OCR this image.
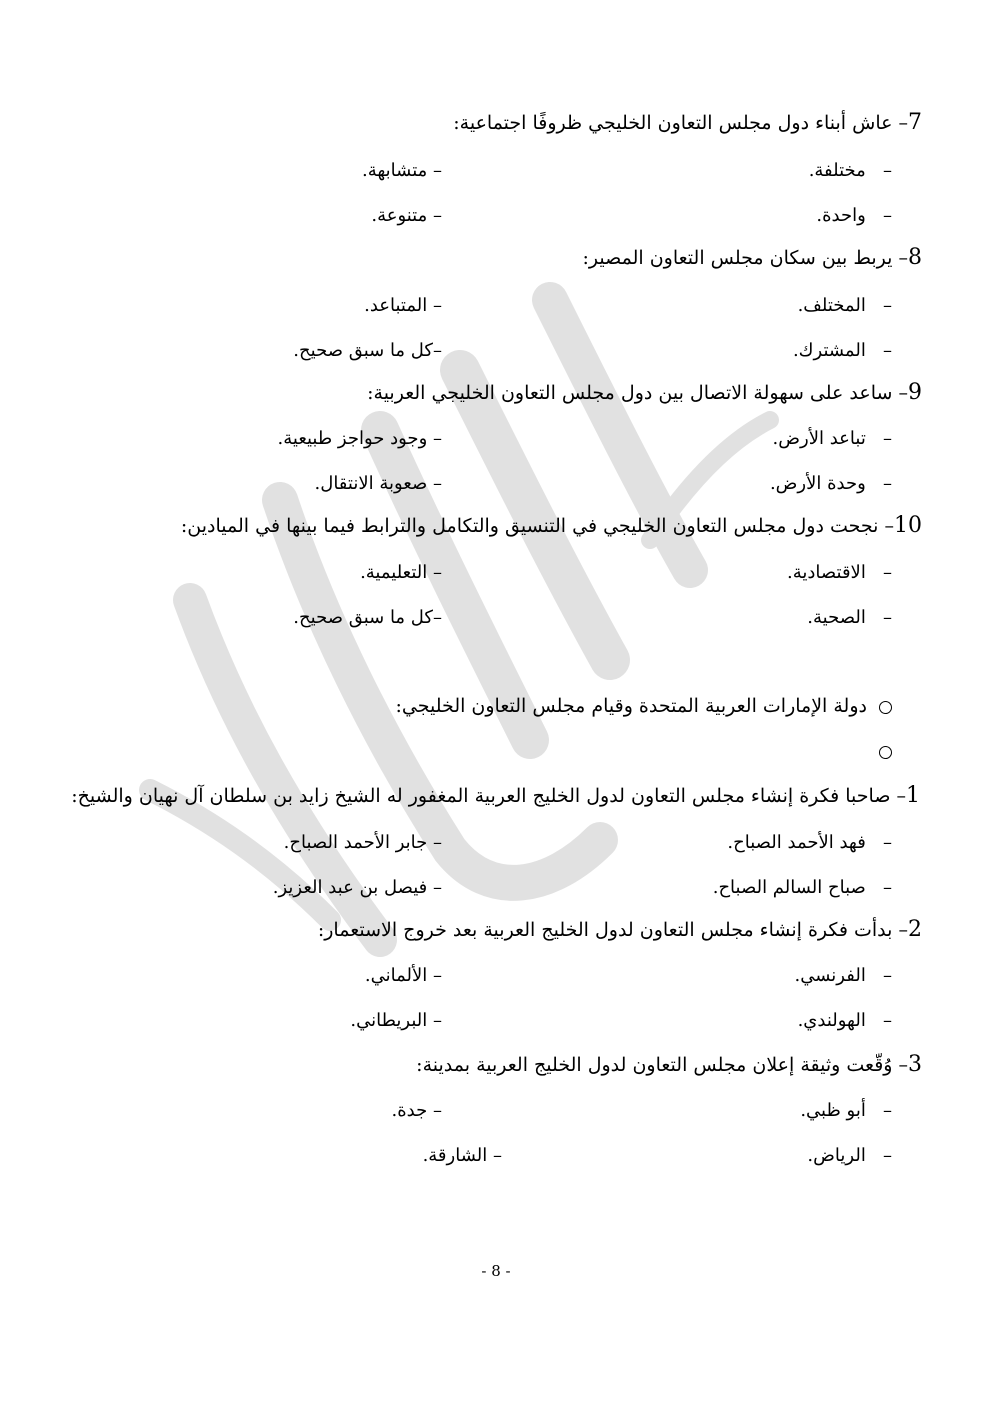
7– عاش أبناء دول مجلس التعاون الخليجي ظروفًا اجتماعية:
–   مختلفة.
– متشابهة.
–   واحدة.
– متنوعة.
8– يربط بين سكان مجلس التعاون المصير:
–   المختلف.
– المتباعد.
–   المشترك.
–كل ما سبق صحيح.
9– ساعد على سهولة الاتصال بين دول مجلس التعاون الخليجي العربية:
–   تباعد الأرض.
– وجود حواجز طبيعية.
–   وحدة الأرض.
– صعوبة الانتقال.
10– نجحت دول مجلس التعاون الخليجي في التنسيق والتكامل والترابط فيما بينها في الميادين:
–   الاقتصادية.
– التعليمية.
–   الصحية.
–كل ما سبق صحيح.
دولة الإمارات العربية المتحدة وقيام مجلس التعاون الخليجي:
1– صاحبا فكرة إنشاء مجلس التعاون لدول الخليج العربية المغفور له الشيخ زايد بن سلطان آل نهيان والشيخ:
–   فهد الأحمد الصباح.
– جابر الأحمد الصباح.
–   صباح السالم الصباح.
– فيصل بن عبد العزيز.
2– بدأت فكرة إنشاء مجلس التعاون لدول الخليج العربية بعد خروج الاستعمار:
–   الفرنسي.
– الألماني.
–   الهولندي.
– البريطاني.
3– وُقّعت وثيقة إعلان مجلس التعاون لدول الخليج العربية بمدينة:
–   أبو ظبي.
– جدة.
–   الرياض.
– الشارقة.
- 8 -
